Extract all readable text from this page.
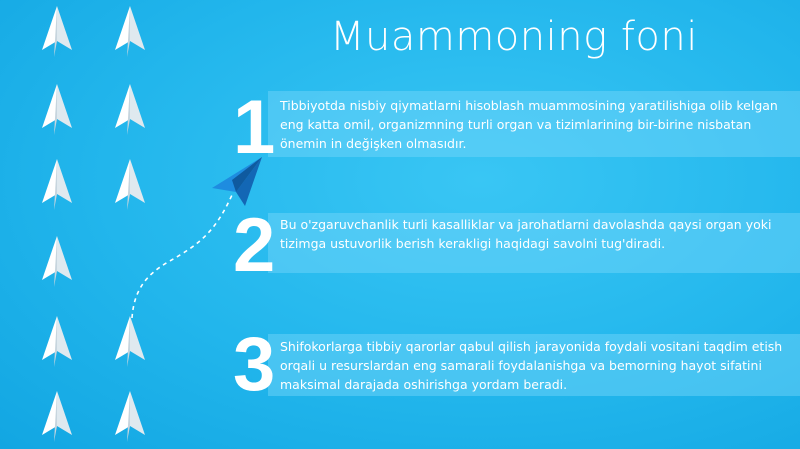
Muammoning foni
1
2
3

Tibbiyotda nisbiy qiymatlarni hisoblash muammosining yaratilishiga olib kelgan eng katta omil, organizmning turli organ va tizimlarining bir-birine nisbatan önemin in değişken olmasıdır.

Bu o'zgaruvchanlik turli kasalliklar va jarohatlarni davolashda qaysi organ yoki tizimga ustuvorlik berish kerakligi haqidagi savolni tug'diradi.

Shifokorlarga tibbiy qarorlar qabul qilish jarayonida foydali vositani taqdim etish orqali u resurslardan eng samarali foydalanishga va bemorning hayot sifatini maksimal darajada oshirishga yordam beradi.
